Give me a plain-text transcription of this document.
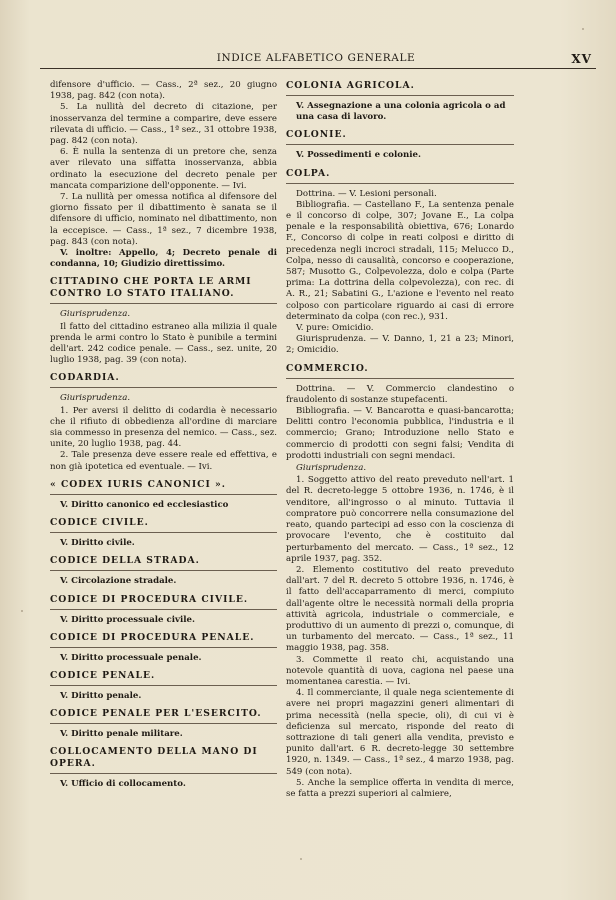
INDICE ALFABETICO GENERALE	XV

difensore d'ufficio. — Cass., 2ª sez., 20 giugno 1938, pag. 842 (con nota).

5. La nullità del decreto di citazione, per inosservanza del termine a comparire, deve essere rilevata di ufficio. — Cass., 1ª sez., 31 ottobre 1938, pag. 842 (con nota).

6. È nulla la sentenza di un pretore che, senza aver rilevato una siffatta inosservanza, abbia ordinato la esecuzione del decreto penale per mancata comparizione dell'opponente. — Ivi.

7. La nullità per omessa notifica al difensore del giorno fissato per il dibattimento è sanata se il difensore di ufficio, nominato nel dibattimento, non la eccepisce. — Cass., 1ª sez., 7 dicembre 1938, pag. 843 (con nota).

V. inoltre: Appello, 4; Decreto penale di condanna, 10; Giudizio direttissimo.

CITTADINO CHE PORTA LE ARMI CONTRO LO STATO ITALIANO.

Giurisprudenza.

Il fatto del cittadino estraneo alla milizia il quale prenda le armi contro lo Stato è punibile a termini dell'art. 242 codice penale. — Cass., sez. unite, 20 luglio 1938, pag. 39 (con nota).

CODARDIA.

Giurisprudenza.

1. Per aversi il delitto di codardia è necessario che il rifiuto di obbedienza all'ordine di marciare sia commesso in presenza del nemico. — Cass., sez. unite, 20 luglio 1938, pag. 44.

2. Tale presenza deve essere reale ed effettiva, e non già ipotetica ed eventuale. — Ivi.

« CODEX IURIS CANONICI ».

V. Diritto canonico ed ecclesiastico

CODICE CIVILE.

V. Diritto civile.

CODICE DELLA STRADA.

V. Circolazione stradale.

CODICE DI PROCEDURA CIVILE.

V. Diritto processuale civile.

CODICE DI PROCEDURA PENALE.

V. Diritto processuale penale.

CODICE PENALE.

V. Diritto penale.

CODICE PENALE PER L'ESERCITO.

V. Diritto penale militare.

COLLOCAMENTO DELLA MANO DI OPERA.

V. Ufficio di collocamento.

COLONIA AGRICOLA.

V. Assegnazione a una colonia agricola o ad una casa di lavoro.

COLONIE.

V. Possedimenti e colonie.

COLPA.

Dottrina. — V. Lesioni personali.

Bibliografia. — Castellano F., La sentenza penale e il concorso di colpe, 307; Jovane E., La colpa penale e la responsabilità obiettiva, 676; Lonardo F., Concorso di colpe in reati colposi e diritto di precedenza negli incroci stradali, 115; Melucco D., Colpa, nesso di causalità, concorso e cooperazione, 587; Musotto G., Colpevolezza, dolo e colpa (Parte prima: La dottrina della colpevolezza), con rec. di A. R., 21; Sabatini G., L'azione e l'evento nel reato colposo con particolare riguardo ai casi di errore determinato da colpa (con rec.), 931.

V. pure: Omicidio.

Giurisprudenza. — V. Danno, 1, 21 a 23; Minori, 2; Omicidio.

COMMERCIO.

Dottrina. — V. Commercio clandestino o fraudolento di sostanze stupefacenti.

Bibliografia. — V. Bancarotta e quasi-bancarotta; Delitti contro l'economia pubblica, l'industria e il commercio; Grano; Introduzione nello Stato e commercio di prodotti con segni falsi; Vendita di prodotti industriali con segni mendaci.

Giurisprudenza.

1. Soggetto attivo del reato preveduto nell'art. 1 del R. decreto-legge 5 ottobre 1936, n. 1746, è il venditore, all'ingrosso o al minuto. Tuttavia il compratore può concorrere nella consumazione del reato, quando partecipi ad esso con la coscienza di provocare l'evento, che è costituito dal perturbamento del mercato. — Cass., 1ª sez., 12 aprile 1937, pag. 352.

2. Elemento costitutivo del reato preveduto dall'art. 7 del R. decreto 5 ottobre 1936, n. 1746, è il fatto dell'accaparramento di merci, compiuto dall'agente oltre le necessità normali della propria attività agricola, industriale o commerciale, e produttivo di un aumento di prezzi o, comunque, di un turbamento del mercato. — Cass., 1ª sez., 11 maggio 1938, pag. 358.

3. Commette il reato chi, acquistando una notevole quantità di uova, cagiona nel paese una momentanea carestia. — Ivi.

4. Il commerciante, il quale nega scientemente di avere nei propri magazzini generi alimentari di prima necessità (nella specie, oli), di cui vi è deficienza sul mercato, risponde del reato di sottrazione di tali generi alla vendita, previsto e punito dall'art. 6 R. decreto-legge 30 settembre 1920, n. 1349. — Cass., 1ª sez., 4 marzo 1938, pag. 549 (con nota).

5. Anche la semplice offerta in vendita di merce, se fatta a prezzi superiori al calmiere,
